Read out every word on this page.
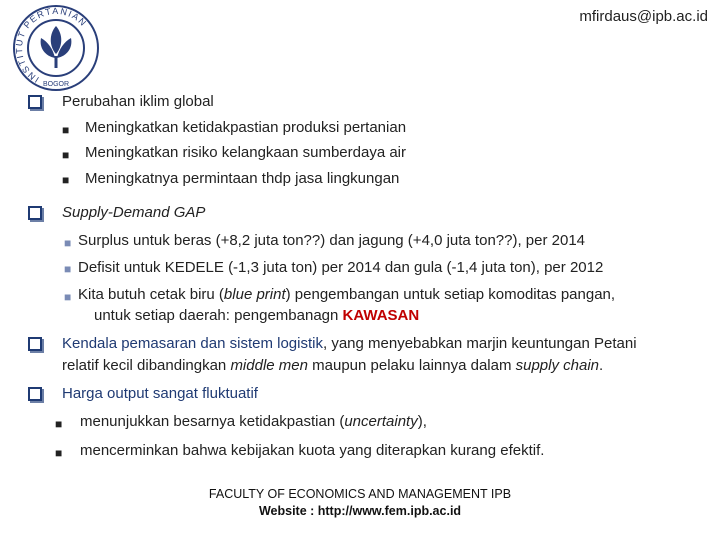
INSTITUT PERTANIAN
BOGOR
mfirdaus@ipb.ac.id
Perubahan iklim global
■ Meningkatkan ketidakpastian produksi pertanian
■ Meningkatkan risiko kelangkaan sumberdaya air
■ Meningkatnya permintaan thdp jasa lingkungan
Supply-Demand GAP
■ Surplus untuk beras (+8,2 juta ton??) dan jagung (+4,0 juta ton??), per 2014
■ Defisit untuk KEDELE (-1,3 juta ton) per 2014 dan gula (-1,4 juta ton), per 2012
■ Kita butuh cetak biru (blue print) pengembangan untuk setiap komoditas pangan,
untuk setiap daerah: pengembanagn KAWASAN
Kendala pemasaran dan sistem logistik, yang menyebabkan marjin keuntungan Petani
relatif kecil dibandingkan middle men maupun pelaku lainnya dalam supply chain.
Harga output sangat fluktuatif
■ menunjukkan besarnya ketidakpastian (uncertainty),
■ mencerminkan bahwa kebijakan kuota yang diterapkan kurang efektif.
FACULTY OF ECONOMICS AND MANAGEMENT IPB
Website : http://www.fem.ipb.ac.id
